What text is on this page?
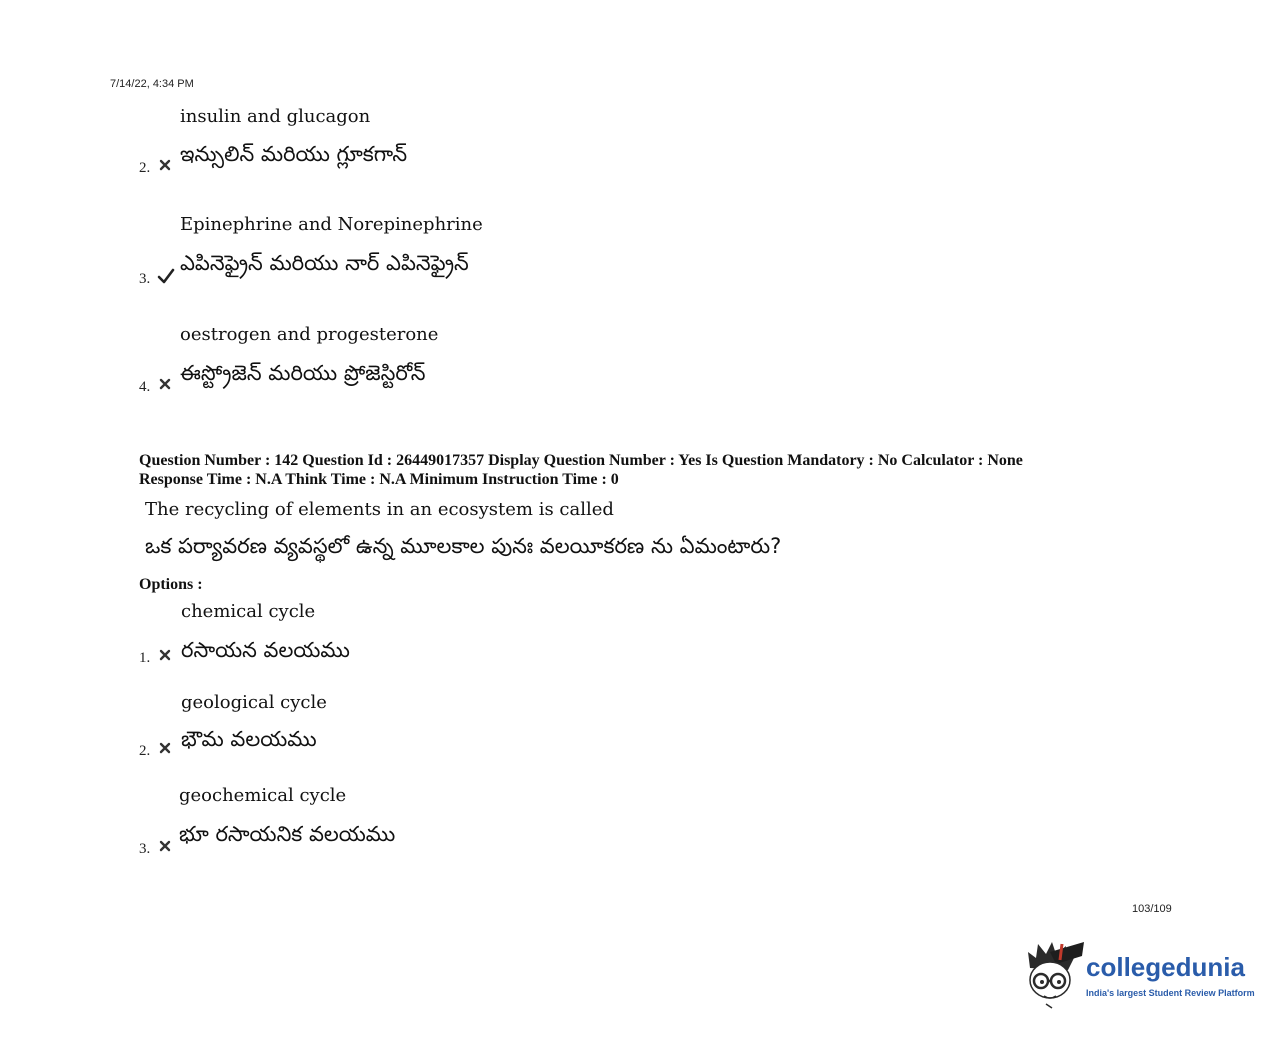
7/14/22, 4:34 PM
insulin and glucagon
ఇన్సులిన్ మరియు గ్లూకగాన్
2.
Epinephrine and Norepinephrine
ఎపినెఫ్రైన్ మరియు నార్ ఎపినెఫ్రైన్
3.
oestrogen and progesterone
ఈస్ట్రోజెన్ మరియు ప్రోజెస్టిరోన్
4.
Question Number : 142 Question Id : 26449017357 Display Question Number : Yes Is Question Mandatory : No Calculator : None
Response Time : N.A Think Time : N.A Minimum Instruction Time : 0
The recycling of elements in an ecosystem is called
ఒక పర్యావరణ వ్యవస్థలో ఉన్న మూలకాల పునః వలయీకరణ ను ఏమంటారు?
Options :
chemical cycle
రసాయన వలయము
1.
geological cycle
భౌమ వలయము
2.
geochemical cycle
భూ రసాయనిక వలయము
3.
103/109
collegedunia
India's largest Student Review Platform
